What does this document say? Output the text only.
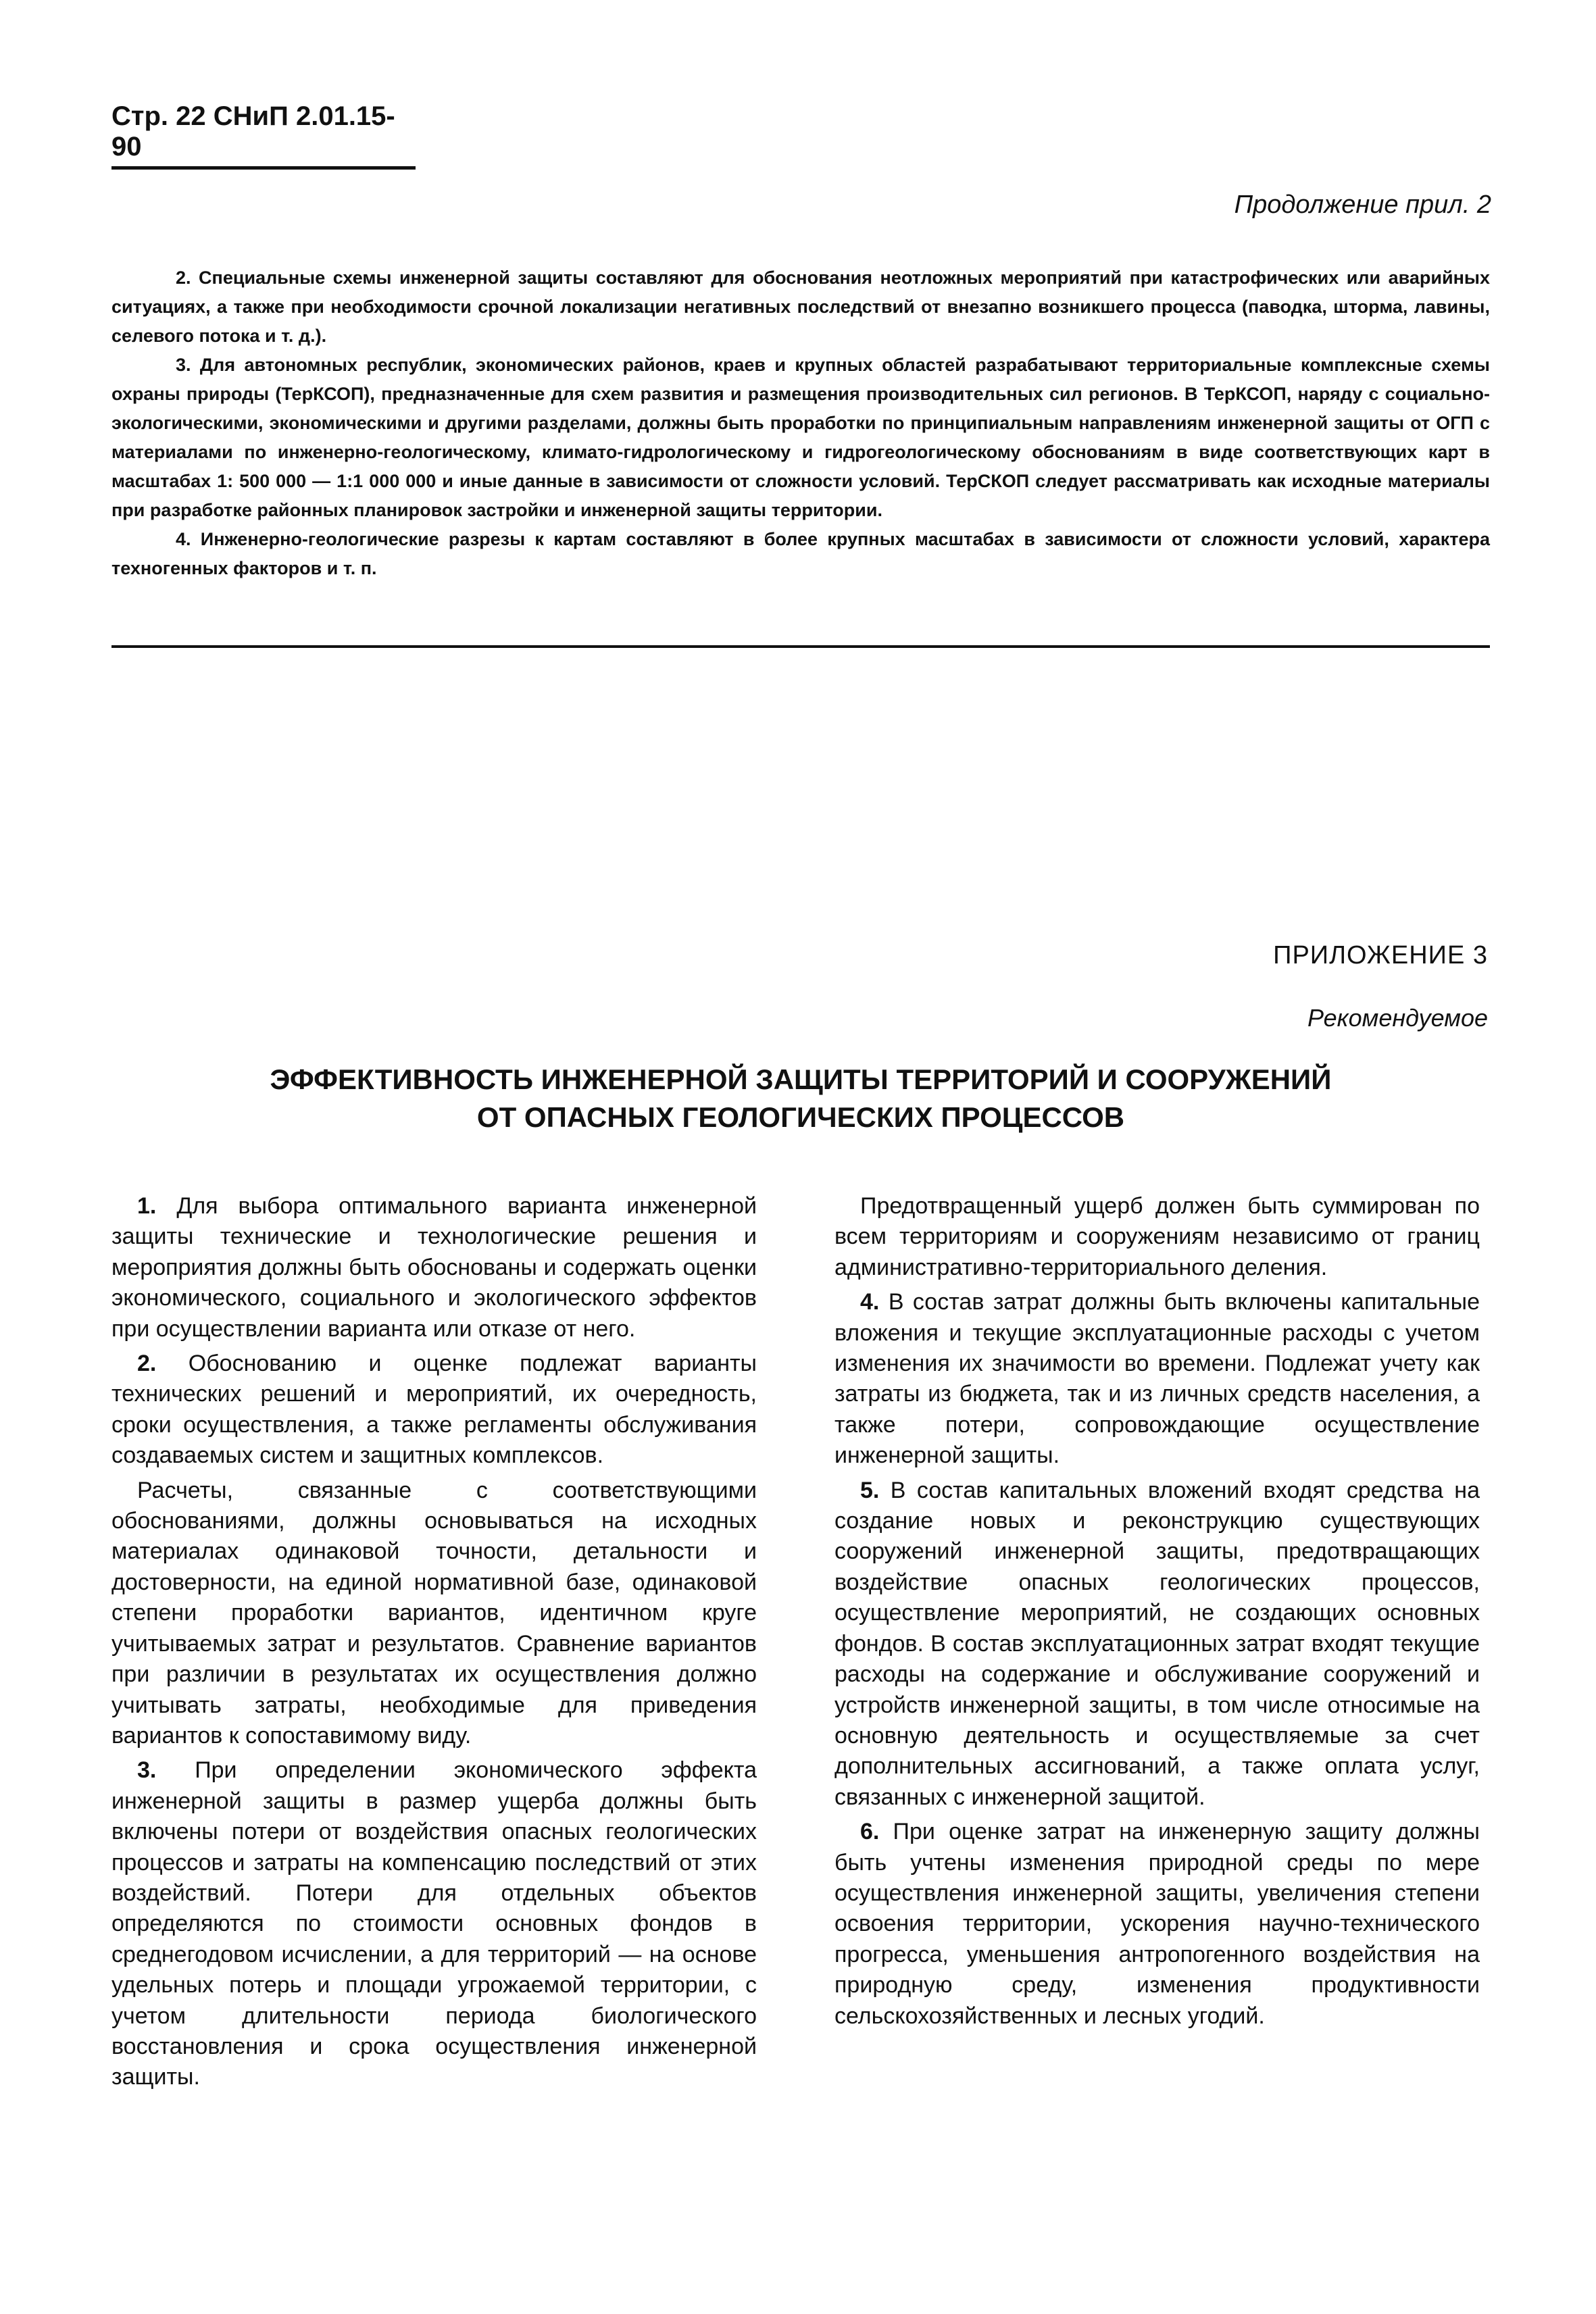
Стр. 22 СНиП 2.01.15-90
Продолжение прил. 2

2. Специальные схемы инженерной защиты составляют для обоснования неотложных мероприятий при катастрофических или аварийных ситуациях, а также при необходимости срочной локализации негативных последствий от внезапно возникшего процесса (паводка, шторма, лавины, селевого потока и т. д.).

3. Для автономных республик, экономических районов, краев и крупных областей разрабатывают территориальные комплексные схемы охраны природы (ТерКСОП), предназначенные для схем развития и размещения производительных сил регионов. В ТерКСОП, наряду с социально-экологическими, экономическими и другими разделами, должны быть проработки по принципиальным направлениям инженерной защиты от ОГП с материалами по инженерно-геологическому, климато-гидрологическому и гидрогеологическому обоснованиям в виде соответствующих карт в масштабах 1: 500 000 — 1:1 000 000 и иные данные в зависимости от сложности условий. ТерСКОП следует рассматривать как исходные материалы при разработке районных планировок застройки и инженерной защиты территории.

4. Инженерно-геологические разрезы к картам составляют в более крупных масштабах в зависимости от сложности условий, характера техногенных факторов и т. п.

ПРИЛОЖЕНИЕ 3
Рекомендуемое
ЭФФЕКТИВНОСТЬ ИНЖЕНЕРНОЙ ЗАЩИТЫ ТЕРРИТОРИЙ И СООРУЖЕНИЙ
ОТ ОПАСНЫХ ГЕОЛОГИЧЕСКИХ ПРОЦЕССОВ

1. Для выбора оптимального варианта инженерной защиты технические и технологические решения и мероприятия должны быть обоснованы и содержать оценки экономического, социального и экологического эффектов при осуществлении варианта или отказе от него.

2. Обоснованию и оценке подлежат варианты технических решений и мероприятий, их очередность, сроки осуществления, а также регламенты обслуживания создаваемых систем и защитных комплексов.

Расчеты, связанные с соответствующими обоснованиями, должны основываться на исходных материалах одинаковой точности, детальности и достоверности, на единой нормативной базе, одинаковой степени проработки вариантов, идентичном круге учитываемых затрат и результатов. Сравнение вариантов при различии в результатах их осуществления должно учитывать затраты, необходимые для приведения вариантов к сопоставимому виду.

3. При определении экономического эффекта инженерной защиты в размер ущерба должны быть включены потери от воздействия опасных геологических процессов и затраты на компенсацию последствий от этих воздействий. Потери для отдельных объектов определяются по стоимости основных фондов в среднегодовом исчислении, а для территорий — на основе удельных потерь и площади угрожаемой территории, с учетом длительности периода биологического восстановления и срока осуществления инженерной защиты.

Предотвращенный ущерб должен быть суммирован по всем территориям и сооружениям независимо от границ административно-территориального деления.

4. В состав затрат должны быть включены капитальные вложения и текущие эксплуатационные расходы с учетом изменения их значимости во времени. Подлежат учету как затраты из бюджета, так и из личных средств населения, а также потери, сопровождающие осуществление инженерной защиты.

5. В состав капитальных вложений входят средства на создание новых и реконструкцию существующих сооружений инженерной защиты, предотвращающих воздействие опасных геологических процессов, осуществление мероприятий, не создающих основных фондов. В состав эксплуатационных затрат входят текущие расходы на содержание и обслуживание сооружений и устройств инженерной защиты, в том числе относимые на основную деятельность и осуществляемые за счет дополнительных ассигнований, а также оплата услуг, связанных с инженерной защитой.

6. При оценке затрат на инженерную защиту должны быть учтены изменения природной среды по мере осуществления инженерной защиты, увеличения степени освоения территории, ускорения научно-технического прогресса, уменьшения антропогенного воздействия на природную среду, изменения продуктивности сельскохозяйственных и лесных угодий.
